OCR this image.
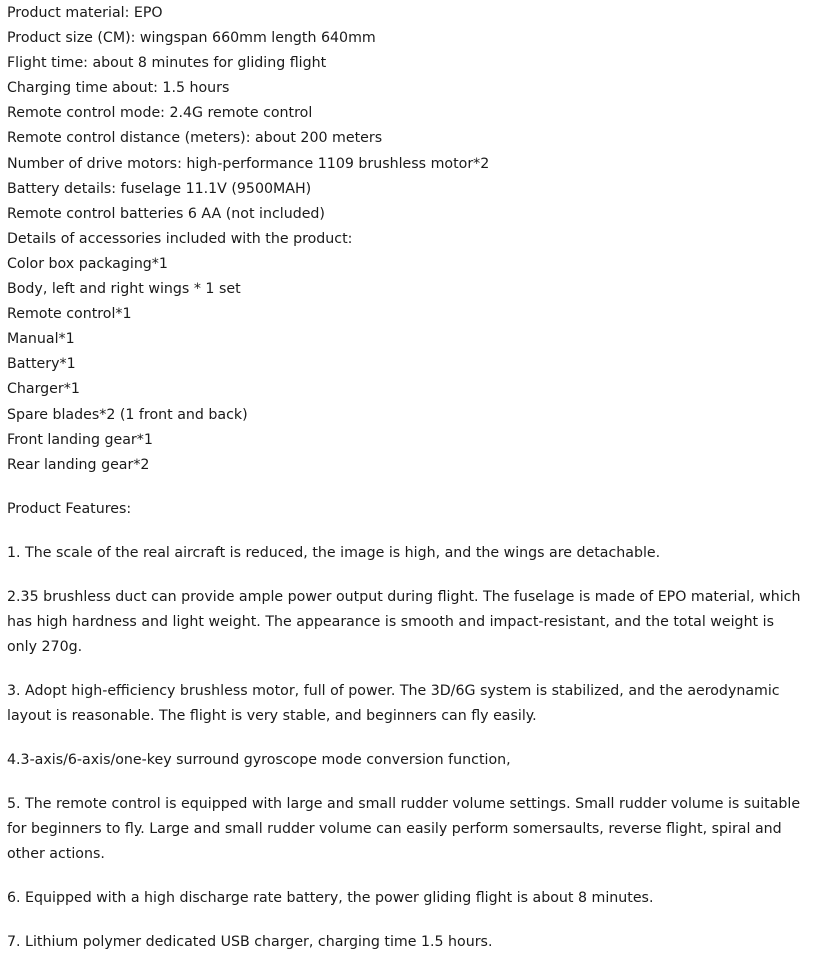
Product material: EPO
Product size (CM): wingspan 660mm length 640mm
Flight time: about 8 minutes for gliding flight
Charging time about: 1.5 hours
Remote control mode: 2.4G remote control
Remote control distance (meters): about 200 meters
Number of drive motors: high-performance 1109 brushless motor*2
Battery details: fuselage 11.1V (9500MAH)
Remote control batteries 6 AA (not included)
Details of accessories included with the product:
Color box packaging*1
Body, left and right wings * 1 set
Remote control*1
Manual*1
Battery*1
Charger*1
Spare blades*2 (1 front and back)
Front landing gear*1
Rear landing gear*2

Product Features:

1. The scale of the real aircraft is reduced, the image is high, and the wings are detachable.

2.35 brushless duct can provide ample power output during flight. The fuselage is made of EPO material, which has high hardness and light weight. The appearance is smooth and impact-resistant, and the total weight is only 270g.

3. Adopt high-efficiency brushless motor, full of power. The 3D/6G system is stabilized, and the aerodynamic layout is reasonable. The flight is very stable, and beginners can fly easily.

4.3-axis/6-axis/one-key surround gyroscope mode conversion function,

5. The remote control is equipped with large and small rudder volume settings. Small rudder volume is suitable for beginners to fly. Large and small rudder volume can easily perform somersaults, reverse flight, spiral and other actions.

6. Equipped with a high discharge rate battery, the power gliding flight is about 8 minutes.

7. Lithium polymer dedicated USB charger, charging time 1.5 hours.
